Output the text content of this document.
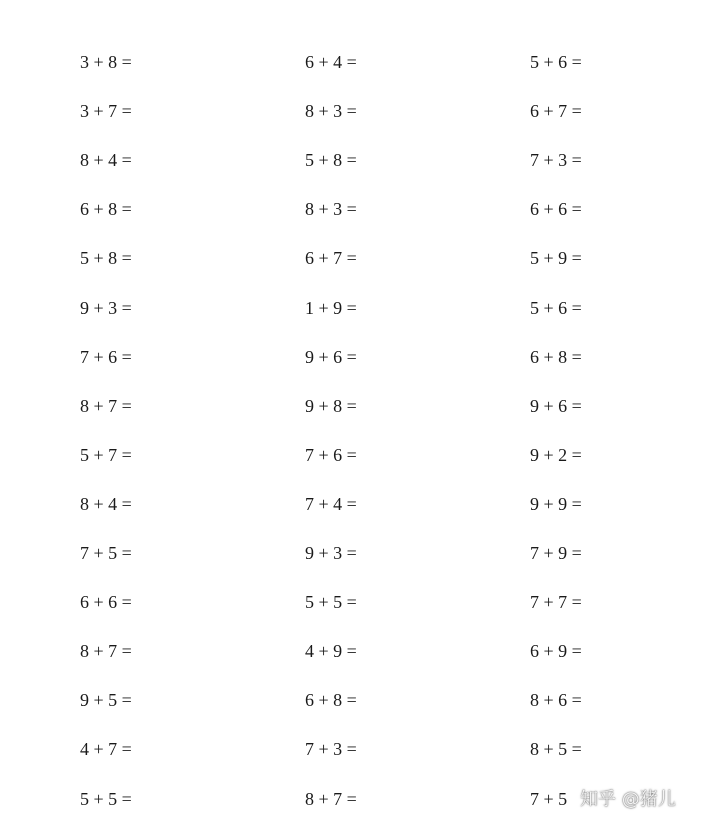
3 + 8 =
3 + 7 =
8 + 4 =
6 + 8 =
5 + 8 =
9 + 3 =
7 + 6 =
8 + 7 =
5 + 7 =
8 + 4 =
7 + 5 =
6 + 6 =
8 + 7 =
9 + 5 =
4 + 7 =
5 + 5 =
6 + 4 =
8 + 3 =
5 + 8 =
8 + 3 =
6 + 7 =
1 + 9 =
9 + 6 =
9 + 8 =
7 + 6 =
7 + 4 =
9 + 3 =
5 + 5 =
4 + 9 =
6 + 8 =
7 + 3 =
8 + 7 =
5 + 6 =
6 + 7 =
7 + 3 =
6 + 6 =
5 + 9 =
5 + 6 =
6 + 8 =
9 + 6 =
9 + 2 =
9 + 9 =
7 + 9 =
7 + 7 =
6 + 9 =
8 + 6 =
8 + 5 =
7 + 5 知乎 @猪儿
